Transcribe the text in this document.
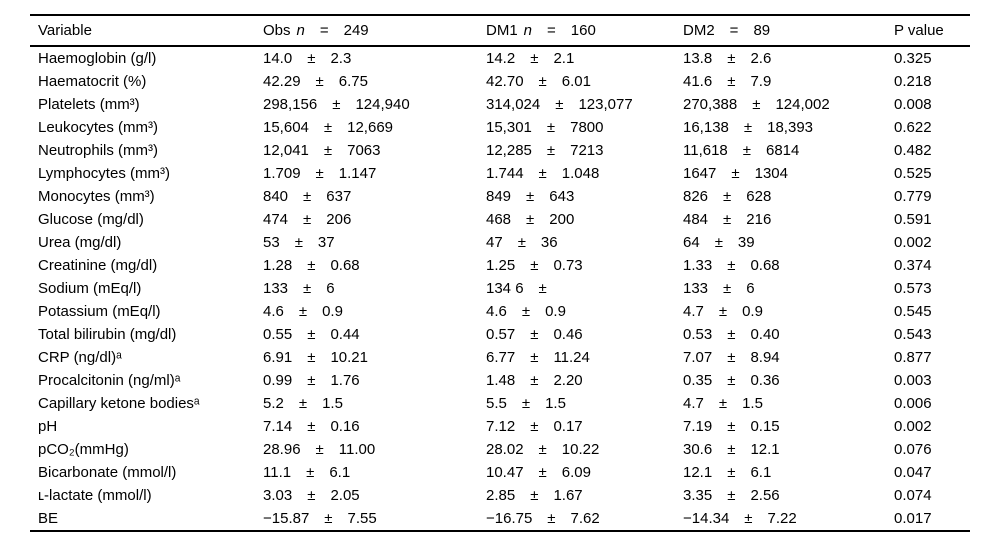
Variable	Obs n = 249	DM1 n = 160	DM2 = 89	P value
Haemoglobin (g/l)	14.0 ± 2.3	14.2 ± 2.1	13.8 ± 2.6	0.325
Haematocrit (%)	42.29 ± 6.75	42.70 ± 6.01	41.6 ± 7.9	0.218
Platelets (mm³)	298,156 ± 124,940	314,024 ± 123,077	270,388 ± 124,002	0.008
Leukocytes (mm³)	15,604 ± 12,669	15,301 ± 7800	16,138 ± 18,393	0.622
Neutrophils (mm³)	12,041 ± 7063	12,285 ± 7213	11,618 ± 6814	0.482
Lymphocytes (mm³)	1.709 ± 1.147	1.744 ± 1.048	1647 ± 1304	0.525
Monocytes (mm³)	840 ± 637	849 ± 643	826 ± 628	0.779
Glucose (mg/dl)	474 ± 206	468 ± 200	484 ± 216	0.591
Urea (mg/dl)	53 ± 37	47 ± 36	64 ± 39	0.002
Creatinine (mg/dl)	1.28 ± 0.68	1.25 ± 0.73	1.33 ± 0.68	0.374
Sodium (mEq/l)	133 ± 6	134 6 ±	133 ± 6	0.573
Potassium (mEq/l)	4.6 ± 0.9	4.6 ± 0.9	4.7 ± 0.9	0.545
Total bilirubin (mg/dl)	0.55 ± 0.44	0.57 ± 0.46	0.53 ± 0.40	0.543
CRP (ng/dl)ᵃ	6.91 ± 10.21	6.77 ± 11.24	7.07 ± 8.94	0.877
Procalcitonin (ng/ml)ᵃ	0.99 ± 1.76	1.48 ± 2.20	0.35 ± 0.36	0.003
Capillary ketone bodiesᵃ	5.2 ± 1.5	5.5 ± 1.5	4.7 ± 1.5	0.006
pH	7.14 ± 0.16	7.12 ± 0.17	7.19 ± 0.15	0.002
pCO₂(mmHg)	28.96 ± 11.00	28.02 ± 10.22	30.6 ± 12.1	0.076
Bicarbonate (mmol/l)	11.1 ± 6.1	10.47 ± 6.09	12.1 ± 6.1	0.047
ʟ-lactate (mmol/l)	3.03 ± 2.05	2.85 ± 1.67	3.35 ± 2.56	0.074
BE	−15.87 ± 7.55	−16.75 ± 7.62	−14.34 ± 7.22	0.017
